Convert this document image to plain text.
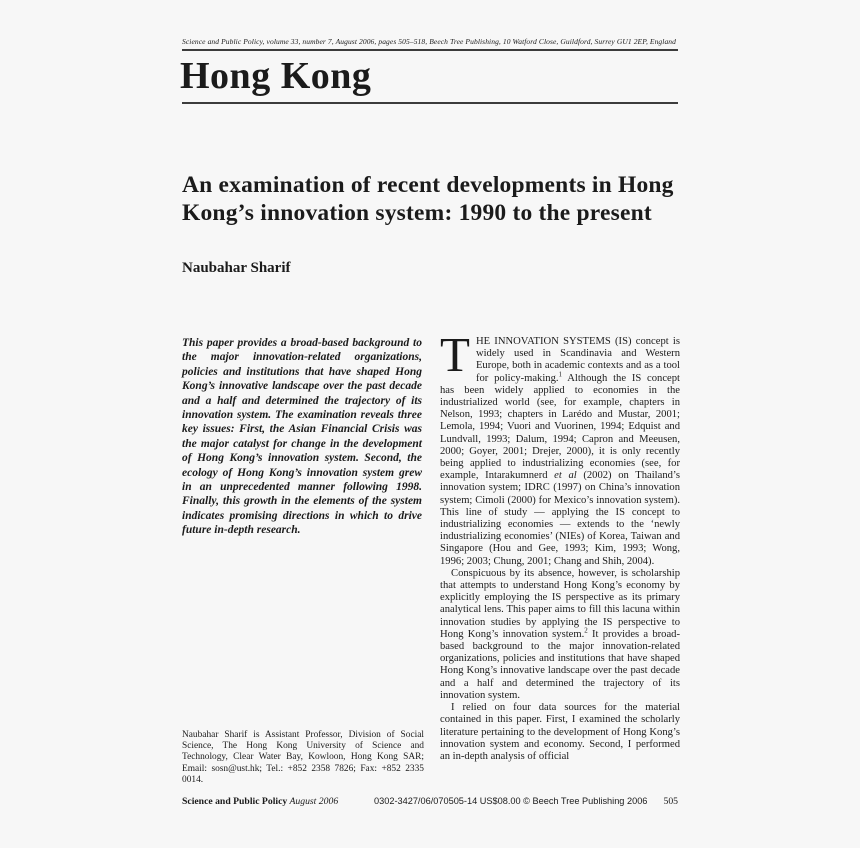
Science and Public Policy, volume 33, number 7, August 2006, pages 505–518, Beech Tree Publishing, 10 Watford Close, Guildford, Surrey GU1 2EP, England
Hong Kong
An examination of recent developments in Hong Kong’s innovation system: 1990 to the present
Naubahar Sharif
This paper provides a broad-based background to the major innovation-related organizations, policies and institutions that have shaped Hong Kong’s innovative landscape over the past decade and a half and determined the trajectory of its innovation system. The examination reveals three key issues: First, the Asian Financial Crisis was the major catalyst for change in the development of Hong Kong’s innovation system. Second, the ecology of Hong Kong’s innovation system grew in an unprecedented manner following 1998. Finally, this growth in the elements of the system indicates promising directions in which to drive future in-depth research.

THE INNOVATION SYSTEMS (IS) concept is widely used in Scandinavia and Western Europe, both in academic contexts and as a tool for policy-making.$^1$ Although the IS concept has been widely applied to economies in the industrialized world (see, for example, chapters in Nelson, 1993; chapters in Larédo and Mustar, 2001; Lemola, 1994; Vuori and Vuorinen, 1994; Edquist and Lundvall, 1993; Dalum, 1994; Capron and Meeusen, 2000; Goyer, 2001; Drejer, 2000), it is only recently being applied to industrializing economies (see, for example, Intarakumnerd et al (2002) on Thailand’s innovation system; IDRC (1997) on China’s innovation system; Cimoli (2000) for Mexico’s innovation system). This line of study — applying the IS concept to industrializing economies — extends to the ‘newly industrializing economies’ (NIEs) of Korea, Taiwan and Singapore (Hou and Gee, 1993; Kim, 1993; Wong, 1996; 2003; Chung, 2001; Chang and Shih, 2004).

Conspicuous by its absence, however, is scholarship that attempts to understand Hong Kong’s economy by explicitly employing the IS perspective as its primary analytical lens. This paper aims to fill this lacuna within innovation studies by applying the IS perspective to Hong Kong’s innovation system.$^2$ It provides a broad-based background to the major innovation-related organizations, policies and institutions that have shaped Hong Kong’s innovative landscape over the past decade and a half and determined the trajectory of its innovation system.

I relied on four data sources for the material contained in this paper. First, I examined the scholarly literature pertaining to the development of Hong Kong’s innovation system and economy. Second, I performed an in-depth analysis of official

Naubahar Sharif is Assistant Professor, Division of Social Science, The Hong Kong University of Science and Technology, Clear Water Bay, Kowloon, Hong Kong SAR; Email: sosn@ust.hk; Tel.: +852 2358 7826; Fax: +852 2335 0014.
Science and Public Policy August 2006	0302-3427/06/070505-14 US$08.00 © Beech Tree Publishing 2006 505
